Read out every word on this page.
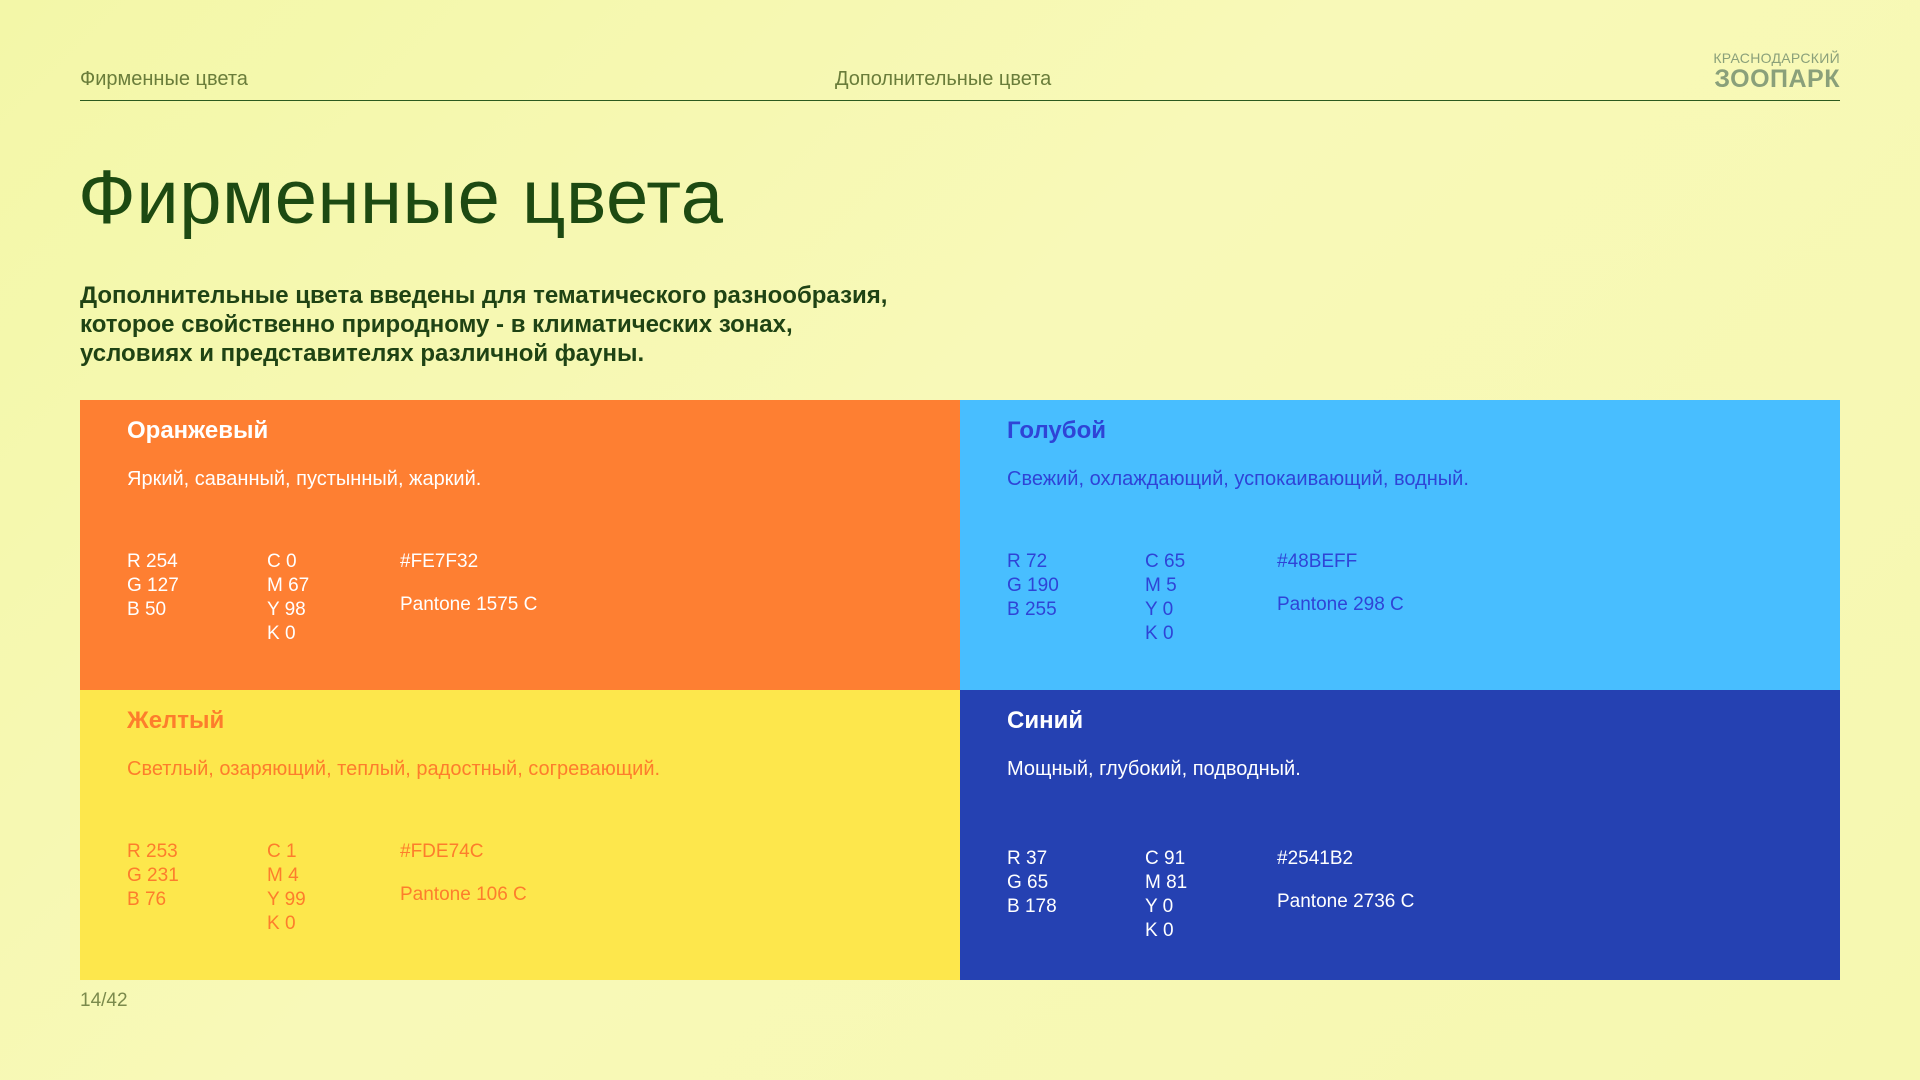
Фирменные цвета	Дополнительные цвета
КРАСНОДАРСКИЙ
ЗООПАРК
Фирменные цвета

Дополнительные цвета введены для тематического разнообразия,
которое свойственно природному - в климатических зонах,
условиях и представителях различной фауны.

Оранжевый
Яркий, саванный, пустынный, жаркий.
R 254
G 127
B 50
C 0
M 67
Y 98
K 0
#FE7F32
Pantone 1575 C
Голубой
Свежий, охлаждающий, успокаивающий, водный.
R 72
G 190
B 255
C 65
M 5
Y 0
K 0
#48BEFF
Pantone 298 C
Желтый
Светлый, озаряющий, теплый, радостный, согревающий.
R 253
G 231
B 76
C 1
M 4
Y 99
K 0
#FDE74C
Pantone 106 C
Синий
Мощный, глубокий, подводный.
R 37
G 65
B 178
C 91
M 81
Y 0
K 0
#2541B2
Pantone 2736 C
14/42
